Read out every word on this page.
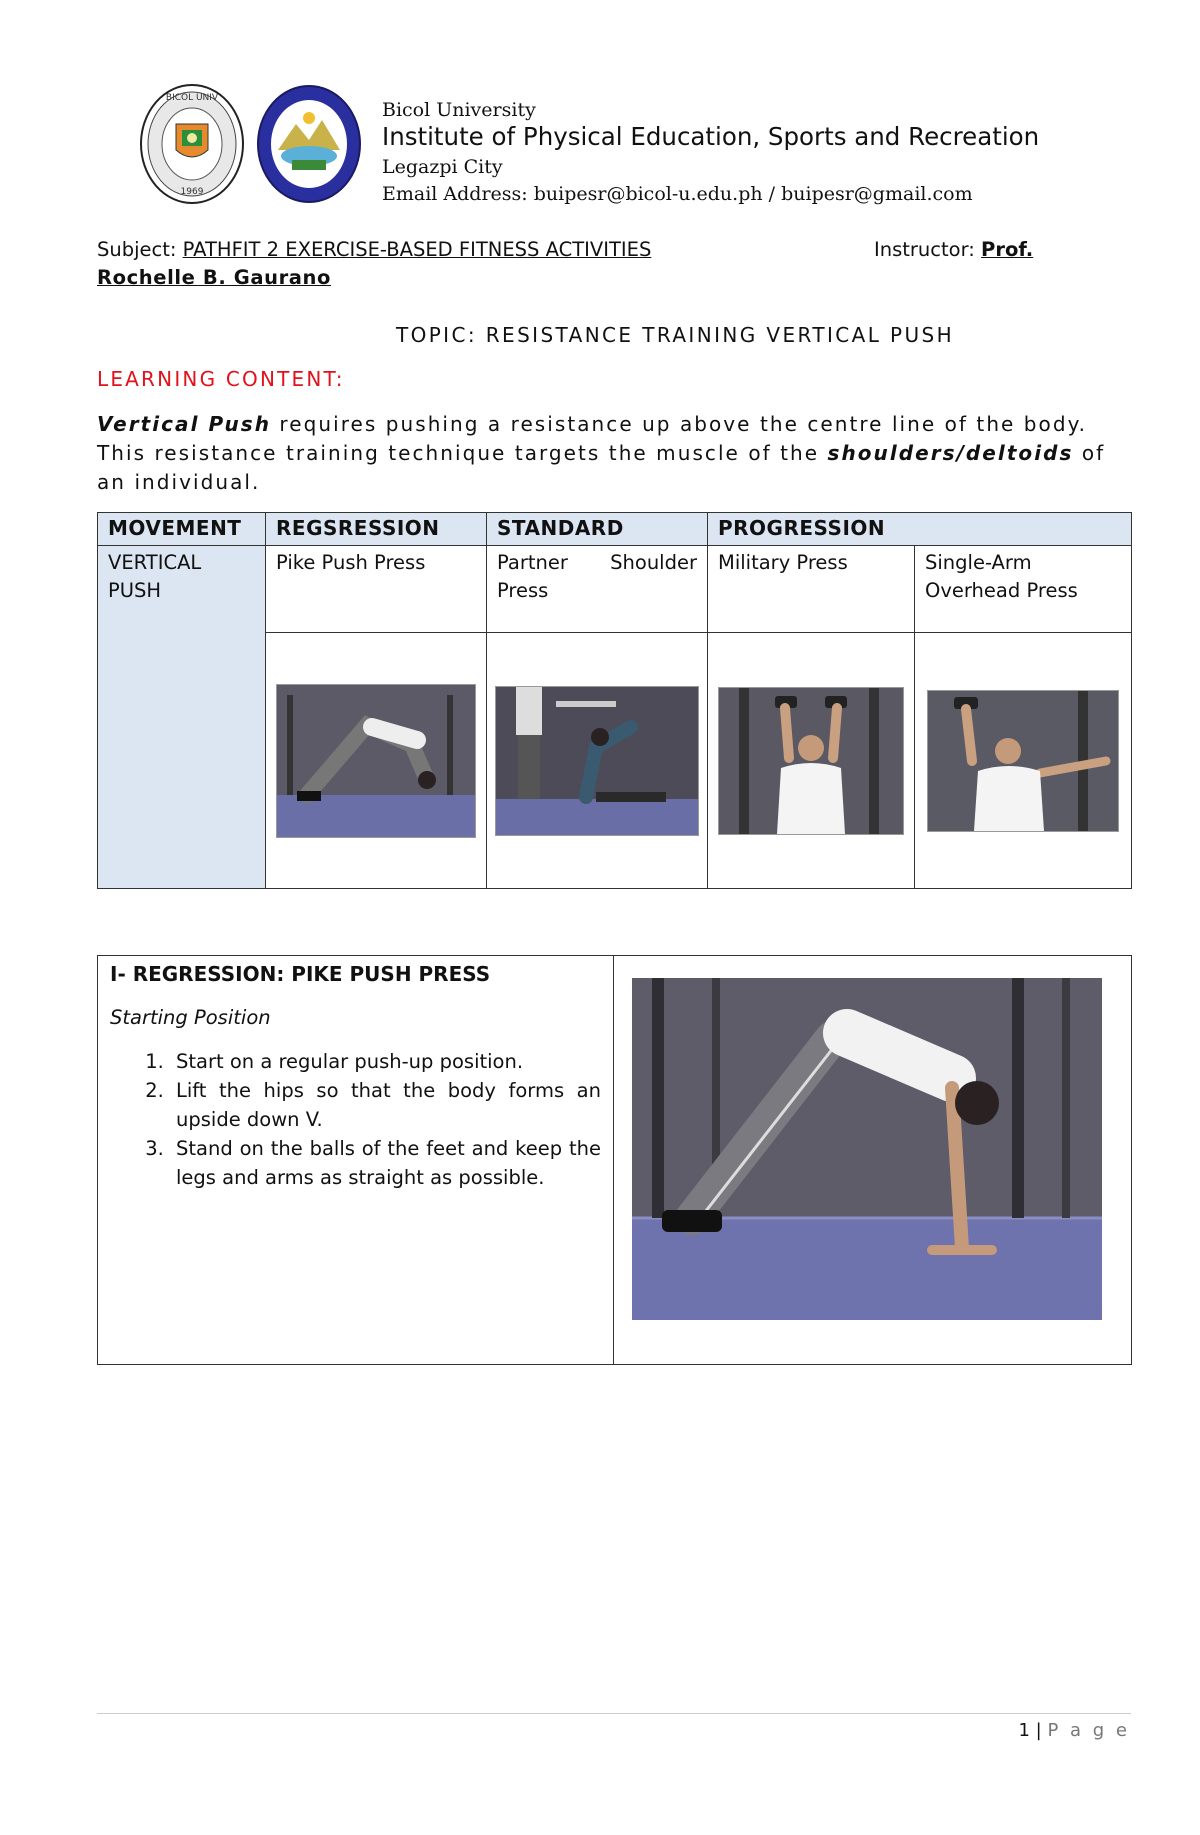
BICOL UNIV
1969
Bicol University
Institute of Physical Education, Sports and Recreation
Legazpi City
Email Address: buipesr@bicol-u.edu.ph / buipesr@gmail.com
Subject: PATHFIT 2 EXERCISE-BASED FITNESS ACTIVITIES	Instructor: Prof.
Rochelle B. Gaurano
TOPIC: RESISTANCE TRAINING VERTICAL PUSH
LEARNING CONTENT:
Vertical Push requires pushing a resistance up above the centre line of the body. This resistance training technique targets the muscle of the shoulders/deltoids of an individual.
MOVEMENT	REGSRESSION	STANDARD	PROGRESSION	
VERTICAL PUSH	Pike Push Press	Partner Shoulder Press	Military Press	Single-Arm Overhead Press

I- REGRESSION: PIKE PUSH PRESS

Starting Position

1. Start on a regular push-up position.
2. Lift the hips so that the body forms an upside down V.
3. Stand on the balls of the feet and keep the legs and arms as straight as possible.

1 | P a g e
